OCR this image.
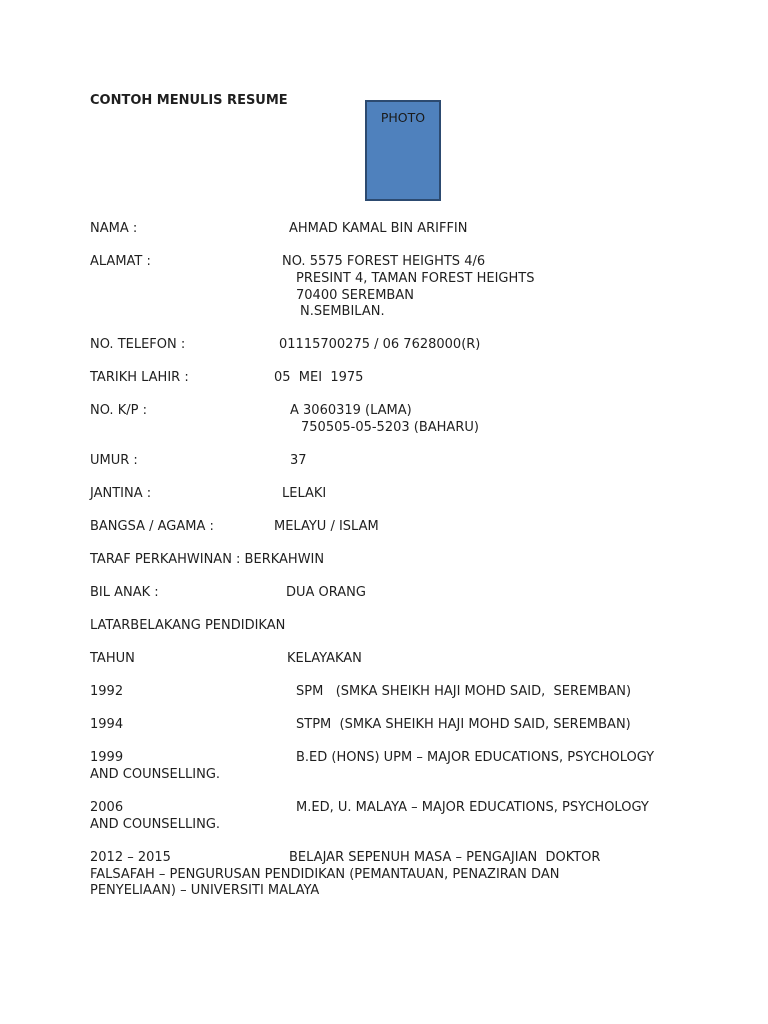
CONTOH MENULIS RESUME
PHOTO
NAMA :	AHMAD KAMAL BIN ARIFFIN
ALAMAT :	NO. 5575 FOREST HEIGHTS 4/6
PRESINT 4, TAMAN FOREST HEIGHTS
70400 SEREMBAN
N.SEMBILAN.
NO. TELEFON :	01115700275 / 06 7628000(R)
TARIKH LAHIR :	05  MEI  1975
NO. K/P :	A 3060319 (LAMA)
750505-05-5203 (BAHARU)
UMUR :	37
JANTINA :	LELAKI
BANGSA / AGAMA :	MELAYU / ISLAM
TARAF PERKAHWINAN : BERKAHWIN
BIL ANAK :	DUA ORANG
LATARBELAKANG PENDIDIKAN
TAHUN	KELAYAKAN
1992	SPM   (SMKA SHEIKH HAJI MOHD SAID,  SEREMBAN)
1994	STPM  (SMKA SHEIKH HAJI MOHD SAID, SEREMBAN)
1999	B.ED (HONS) UPM – MAJOR EDUCATIONS, PSYCHOLOGY
AND COUNSELLING.
2006	M.ED, U. MALAYA – MAJOR EDUCATIONS, PSYCHOLOGY
AND COUNSELLING.
2012 – 2015	BELAJAR SEPENUH MASA – PENGAJIAN  DOKTOR
FALSAFAH – PENGURUSAN PENDIDIKAN (PEMANTAUAN, PENAZIRAN DAN
PENYELIAAN) – UNIVERSITI MALAYA
